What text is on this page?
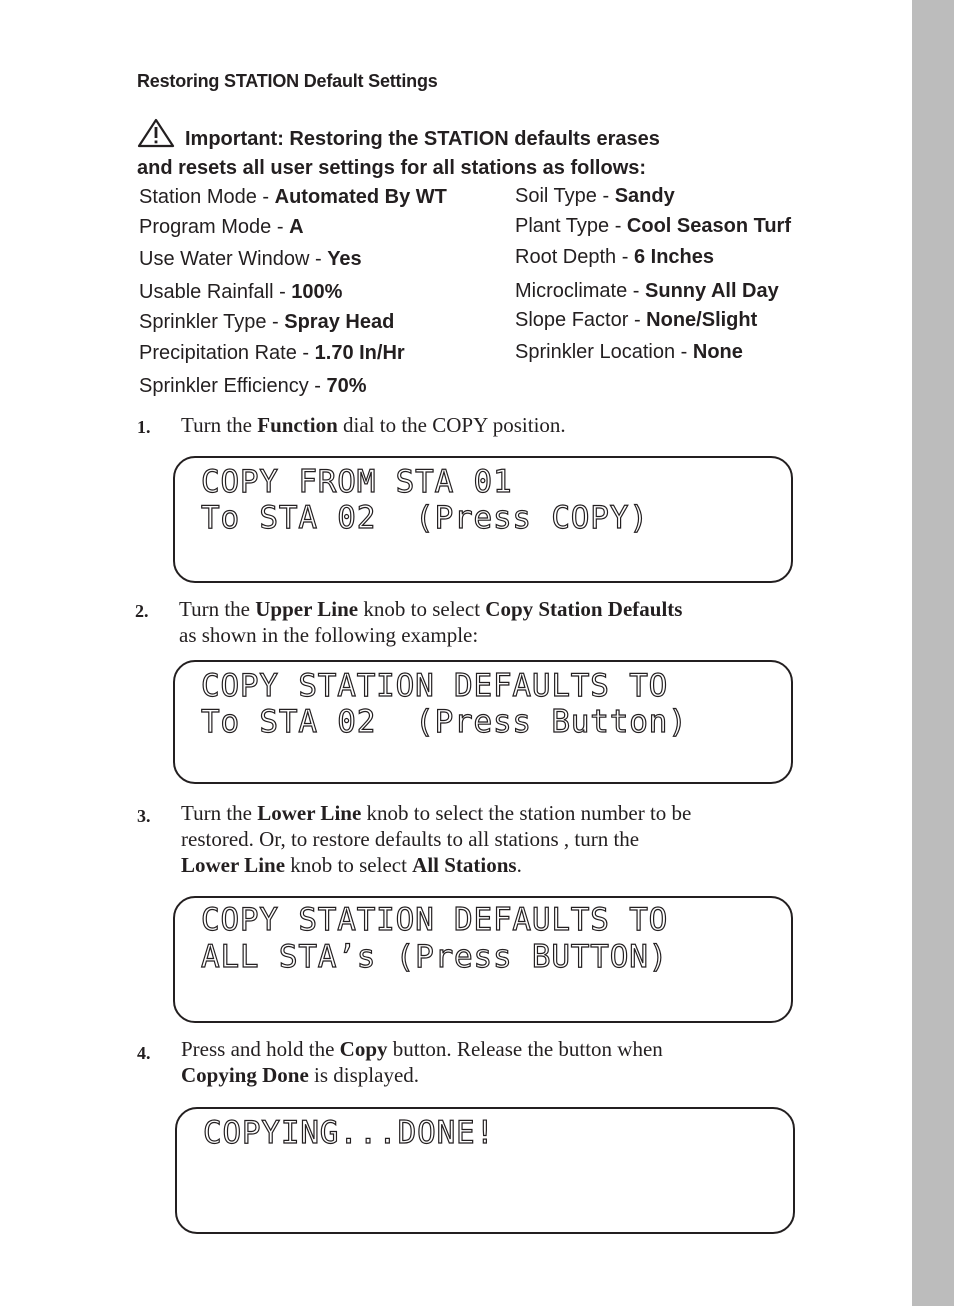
Restoring STATION Default Settings
Important: Restoring the STATION defaults erases
and resets all user settings for all stations as follows:
Station Mode - Automated By WT
Program Mode - A
Use Water Window - Yes
Usable Rainfall - 100%
Sprinkler Type - Spray Head
Precipitation Rate - 1.70 In/Hr
Sprinkler Efficiency - 70%
Soil Type - Sandy
Plant Type - Cool Season Turf
Root Depth - 6 Inches
Microclimate - Sunny All Day
Slope Factor - None/Slight
Sprinkler Location - None
1. Turn the Function dial to the COPY position.
COPY FROM STA 01
To STA 02  (Press COPY)
2. Turn the Upper Line knob to select Copy Station Defaults
as shown in the following example:
COPY STATION DEFAULTS TO
To STA 02  (Press Button)
3. Turn the Lower Line knob to select the station number to be
restored. Or, to restore defaults to all stations , turn the
Lower Line knob to select All Stations.
COPY STATION DEFAULTS TO
ALL STA’s (Press BUTTON)
4. Press and hold the Copy button. Release the button when
Copying Done is displayed.
COPYING...DONE!
